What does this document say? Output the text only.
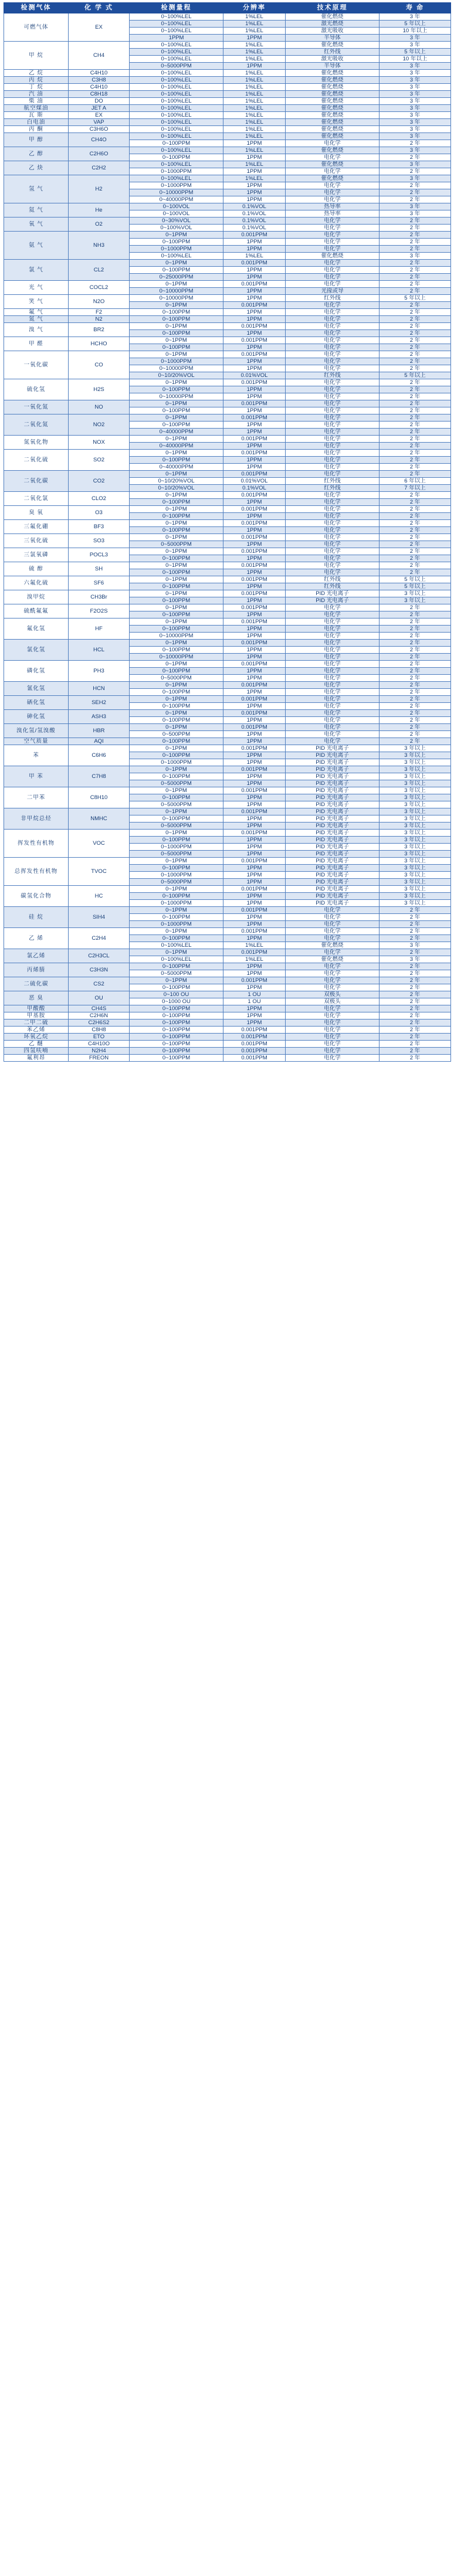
检测气体	化 学 式	检测量程	分辨率	技术原理	寿 命
可燃气体	EX	0~100%LEL	1%LEL	催化燃烧	3 年
		0~100%LEL	1%LEL	激光燃烧	5 年以上
		0~100%LEL	1%LEL	激光吸收	10 年以上
		1PPM	1PPM	半导体	3 年
甲 烷	CH4	0~100%LEL	1%LEL	催化燃烧	3 年
		0~100%LEL	1%LEL	红外线	5 年以上
		0~100%LEL	1%LEL	激光吸收	10 年以上
		0~5000PPM	1PPM	半导体	3 年
乙 烷	C4H10	0~100%LEL	1%LEL	催化燃烧	3 年
丙 烷	C3H8	0~100%LEL	1%LEL	催化燃烧	3 年
丁 烷	C4H10	0~100%LEL	1%LEL	催化燃烧	3 年
汽 油	C8H18	0~100%LEL	1%LEL	催化燃烧	3 年
柴 油	DO	0~100%LEL	1%LEL	催化燃烧	3 年
航空煤油	JET A	0~100%LEL	1%LEL	催化燃烧	3 年
瓦 斯	EX	0~100%LEL	1%LEL	催化燃烧	3 年
白电油	VAP	0~100%LEL	1%LEL	催化燃烧	3 年
丙 酮	C3H6O	0~100%LEL	1%LEL	催化燃烧	3 年
甲 醇	CH4O	0~100%LEL	1%LEL	催化燃烧	3 年
		0~100PPM	1PPM	电化学	2 年
乙 醇	C2H6O	0~100%LEL	1%LEL	催化燃烧	3 年
		0~100PPM	1PPM	电化学	2 年
乙 炔	C2H2	0~100%LEL	1%LEL	催化燃烧	3 年
		0~1000PPM	1PPM	电化学	2 年
氢 气	H2	0~100%LEL	1%LEL	催化燃烧	3 年
		0~1000PPM	1PPM	电化学	2 年
		0~10000PPM	1PPM	电化学	2 年
		0~40000PPM	1PPM	电化学	2 年
氦 气	He	0~100VOL	0.1%VOL	热导率	3 年
		0~100VOL	0.1%VOL	热导率	3 年
氧 气	O2	0~30%VOL	0.1%VOL	电化学	2 年
		0~100%VOL	0.1%VOL	电化学	2 年
氨 气	NH3	0~1PPM	0.001PPM	电化学	2 年
		0~100PPM	1PPM	电化学	2 年
		0~1000PPM	1PPM	电化学	2 年
		0~100%LEL	1%LEL	催化燃烧	3 年
氯 气	CL2	0~1PPM	0.001PPM	电化学	2 年
		0~100PPM	1PPM	电化学	2 年
		0~25000PPM	1PPM	电化学	2 年
光 气	COCL2	0~1PPM	0.001PPM	电化学	2 年
		0~10000PPM	1PPM	光掾或导	2 年
笑 气	N2O	0~10000PPM	1PPM	红外线	5 年以上
		0~1PPM	0.001PPM	电化学	2 年
氟 气	F2	0~100PPM	1PPM	电化学	2 年
氮 气	N2	0~100PPM	1PPM	电化学	2 年
溴 气	BR2	0~1PPM	0.001PPM	电化学	2 年
		0~100PPM	1PPM	电化学	2 年
甲 醛	HCHO	0~1PPM	0.001PPM	电化学	2 年
		0~100PPM	1PPM	电化学	2 年
一氧化碳	CO	0~1PPM	0.001PPM	电化学	2 年
		0~1000PPM	1PPM	电化学	2 年
		0~10000PPM	1PPM	电化学	2 年
		0~10/20%VOL	0.01%VOL	红外线	5 年以上
硫化氢	H2S	0~1PPM	0.001PPM	电化学	2 年
		0~100PPM	1PPM	电化学	2 年
		0~10000PPM	1PPM	电化学	2 年
一氧化氮	NO	0~1PPM	0.001PPM	电化学	2 年
		0~100PPM	1PPM	电化学	2 年
二氧化氮	NO2	0~1PPM	0.001PPM	电化学	2 年
		0~100PPM	1PPM	电化学	2 年
		0~40000PPM	1PPM	电化学	2 年
氮氧化物	NOX	0~1PPM	0.001PPM	电化学	2 年
		0~40000PPM	1PPM	电化学	2 年
二氧化硫	SO2	0~1PPM	0.001PPM	电化学	2 年
		0~100PPM	1PPM	电化学	2 年
		0~40000PPM	1PPM	电化学	2 年
二氧化碳	CO2	0~1PPM	0.001PPM	电化学	2 年
		0~10/20%VOL	0.01%VOL	红外线	6 年以上
		0~10/20%VOL	0.1%VOL	红外线	7 年以上
二氧化氯	CLO2	0~1PPM	0.001PPM	电化学	2 年
		0~100PPM	1PPM	电化学	2 年
臭 氧	O3	0~1PPM	0.001PPM	电化学	2 年
		0~100PPM	1PPM	电化学	2 年
三氟化硼	BF3	0~1PPM	0.001PPM	电化学	2 年
		0~100PPM	1PPM	电化学	2 年
三氧化硫	SO3	0~1PPM	0.001PPM	电化学	2 年
		0~5000PPM	1PPM	电化学	2 年
三氯氧磷	POCL3	0~1PPM	0.001PPM	电化学	2 年
		0~100PPM	1PPM	电化学	2 年
硫 醇	SH	0~1PPM	0.001PPM	电化学	2 年
		0~100PPM	1PPM	电化学	2 年
六氟化硫	SF6	0~1PPM	0.001PPM	红外线	5 年以上
		0~100PPM	1PPM	红外线	5 年以上
溴甲烷	CH3Br	0~1PPM	0.001PPM	PID 光电离子	3 年以上
		0~100PPM	1PPM	PID 光电离子	3 年以上
硫酰氟氟	F2O2S	0~1PPM	0.001PPM	电化学	2 年
		0~100PPM	1PPM	电化学	2 年
氟化氢	HF	0~1PPM	0.001PPM	电化学	2 年
		0~100PPM	1PPM	电化学	2 年
		0~10000PPM	1PPM	电化学	2 年
氯化氢	HCL	0~1PPM	0.001PPM	电化学	2 年
		0~100PPM	1PPM	电化学	2 年
		0~10000PPM	1PPM	电化学	2 年
磷化氢	PH3	0~1PPM	0.001PPM	电化学	2 年
		0~100PPM	1PPM	电化学	2 年
		0~5000PPM	1PPM	电化学	2 年
氰化氢	HCN	0~1PPM	0.001PPM	电化学	2 年
		0~100PPM	1PPM	电化学	2 年
硒化氢	SEH2	0~1PPM	0.001PPM	电化学	2 年
		0~100PPM	1PPM	电化学	2 年
砷化氢	ASH3	0~1PPM	0.001PPM	电化学	2 年
		0~100PPM	1PPM	电化学	2 年
溴化氢/氢溴酸	HBR	0~1PPM	0.001PPM	电化学	2 年
		0~500PPM	1PPM	电化学	2 年
空气质量	AQI	0~100PPM	1PPM	电化学	2 年
苯	C6H6	0~1PPM	0.001PPM	PID 光电离子	3 年以上
		0~100PPM	1PPM	PID 光电离子	3 年以上
		0~1000PPM	1PPM	PID 光电离子	3 年以上
甲 苯	C7H8	0~1PPM	0.001PPM	PID 光电离子	3 年以上
		0~100PPM	1PPM	PID 光电离子	3 年以上
		0~5000PPM	1PPM	PID 光电离子	3 年以上
二甲苯	C8H10	0~1PPM	0.001PPM	PID 光电离子	3 年以上
		0~100PPM	1PPM	PID 光电离子	3 年以上
		0~5000PPM	1PPM	PID 光电离子	3 年以上
非甲烷总烃	NMHC	0~1PPM	0.001PPM	PID 光电离子	3 年以上
		0~100PPM	1PPM	PID 光电离子	3 年以上
		0~5000PPM	1PPM	PID 光电离子	3 年以上
挥发性有机物	VOC	0~1PPM	0.001PPM	PID 光电离子	3 年以上
		0~100PPM	1PPM	PID 光电离子	3 年以上
		0~1000PPM	1PPM	PID 光电离子	3 年以上
		0~5000PPM	1PPM	PID 光电离子	3 年以上
总挥发性有机物	TVOC	0~1PPM	0.001PPM	PID 光电离子	3 年以上
		0~100PPM	1PPM	PID 光电离子	3 年以上
		0~1000PPM	1PPM	PID 光电离子	3 年以上
		0~5000PPM	1PPM	PID 光电离子	3 年以上
碳氢化合物	HC	0~1PPM	0.001PPM	PID 光电离子	3 年以上
		0~100PPM	1PPM	PID 光电离子	3 年以上
		0~1000PPM	1PPM	PID 光电离子	3 年以上
硅 烷	SIH4	0~1PPM	0.001PPM	电化学	2 年
		0~100PPM	1PPM	电化学	2 年
		0~1000PPM	1PPM	电化学	2 年
乙 烯	C2H4	0~1PPM	0.001PPM	电化学	2 年
		0~100PPM	1PPM	电化学	2 年
		0~100%LEL	1%LEL	催化燃烧	3 年
氯乙烯	C2H3CL	0~1PPM	0.001PPM	电化学	2 年
		0~100%LEL	1%LEL	催化燃烧	3 年
丙烯腈	C3H3N	0~100PPM	1PPM	电化学	2 年
		0~5000PPM	1PPM	电化学	2 年
二硫化碳	CS2	0~1PPM	0.001PPM	电化学	2 年
		0~100PPM	1PPM	电化学	2 年
恶 臭	OU	0~100 OU	1 OU	双极头	2 年
		0~1000 OU	1 OU	双极头	2 年
甲酸酸	CH4S	0~100PPM	1PPM	电化学	2 年
甲基胺	C2H6N	0~100PPM	1PPM	电化学	2 年
二甲二硫	C2H6S2	0~100PPM	1PPM	电化学	2 年
苯乙烯	C8H8	0~100PPM	0.001PPM	电化学	2 年
环氧乙烷	ETO	0~100PPM	0.001PPM	电化学	2 年
乙 醚	C4H10O	0~100PPM	0.001PPM	电化学	2 年
四氢呋喃	N2H4	0~100PPM	0.001PPM	电化学	2 年
氟利昂	FREON	0~100PPM	0.001PPM	电化学	2 年
